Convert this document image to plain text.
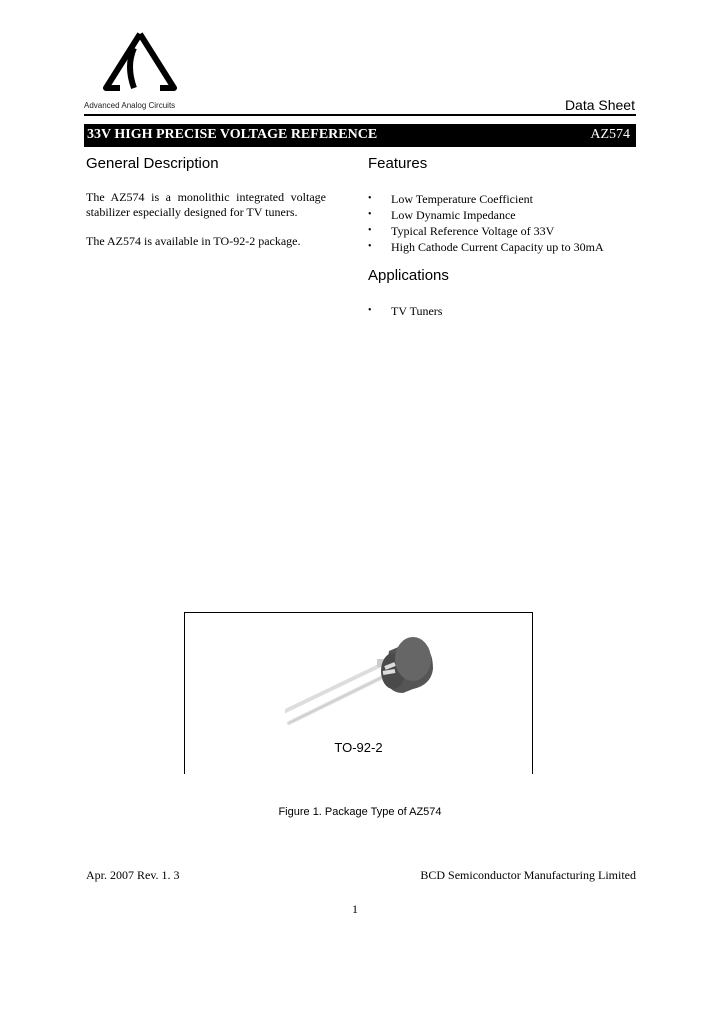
Advanced Analog Circuits	Data Sheet
33V HIGH PRECISE VOLTAGE REFERENCE	AZ574
General Description
The AZ574 is a monolithic integrated voltage stabilizer especially designed for TV tuners.
The AZ574 is available in TO-92-2 package.
Features
• Low Temperature Coefficient
• Low Dynamic Impedance
• Typical Reference Voltage of 33V
• High Cathode Current Capacity up to 30mA
Applications
• TV Tuners
TO-92-2
Figure 1. Package Type of AZ574
Apr. 2007 Rev. 1. 3	BCD Semiconductor Manufacturing Limited
1
